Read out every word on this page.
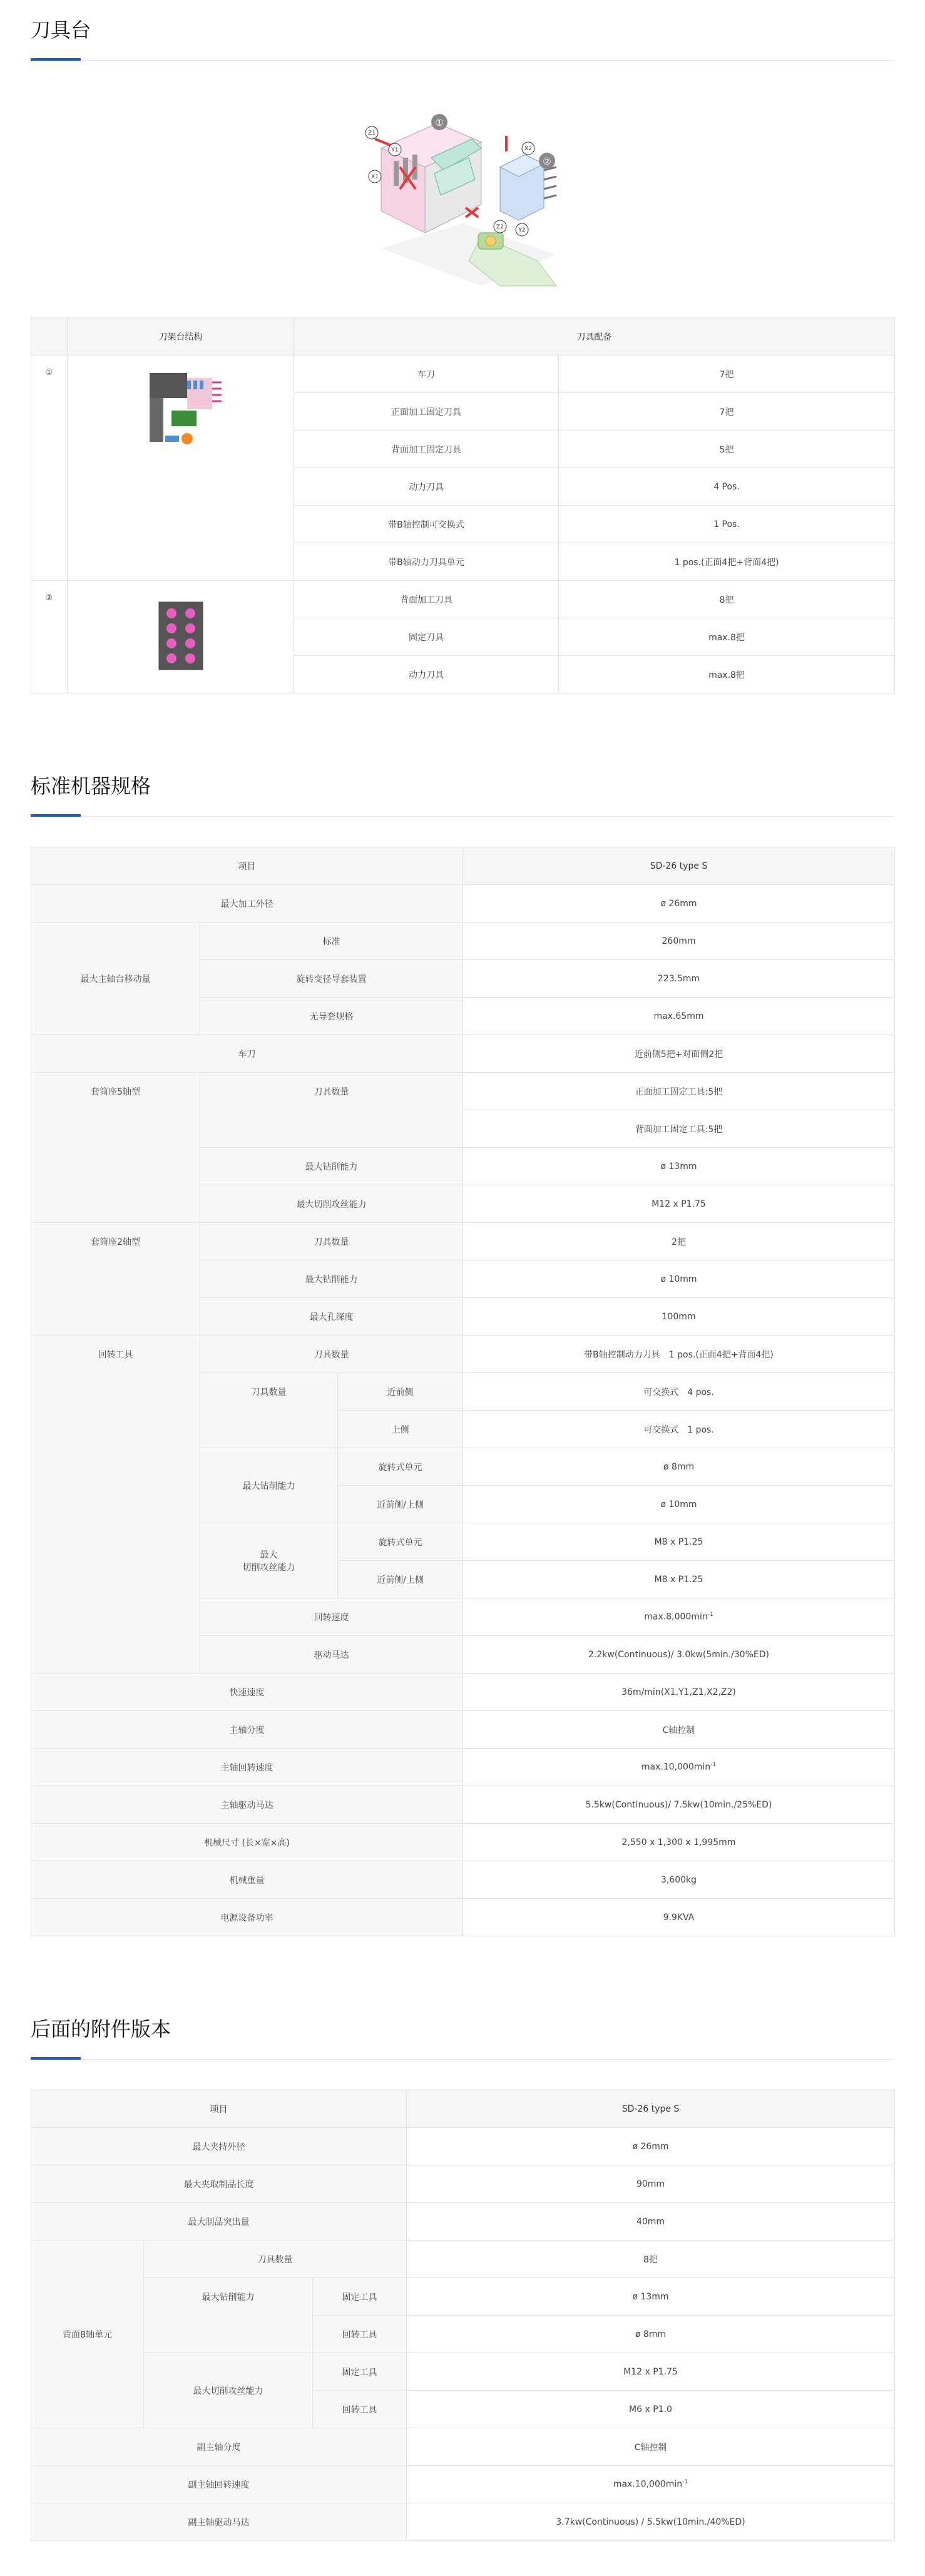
刀具台
①
②
Z1
Y1
X1
X2
Y2
Z2
	刀架台结构	刀具配备	
①		车刀	7把
		正面加工固定刀具	7把
		背面加工固定刀具	5把
		动力刀具	4 Pos.
		带B轴控制可交换式	1 Pos.
		带B轴动力刀具单元	1 pos.(正面4把+背面4把)
②		背面加工刀具	8把
		固定刀具	max.8把
		动力刀具	max.8把
标准机器规格
项目			SD-26 type S
最大加工外径			ø 26mm
最大主轴台移动量	标准		260mm
	旋转变径导套装置		223.5mm
	无导套规格		max.65mm
车刀			近前侧5把+对面侧2把
套筒座5轴型	刀具数量		正面加工固定工具:5把
			背面加工固定工具:5把
	最大钻削能力		ø 13mm
	最大切削攻丝能力		M12 x P1.75
套筒座2轴型	刀具数量		2把
	最大钻削能力		ø 10mm
	最大孔深度		100mm
回转工具	刀具数量		带B轴控制动力刀具　1 pos.(正面4把+背面4把)
	刀具数量	近前侧	可交换式　4 pos.
		上侧	可交换式　1 pos.
	最大钻削能力	旋转式单元	ø 8mm
		近前侧/上侧	ø 10mm
	最大
切削攻丝能力	旋转式单元	M8 x P1.25
		近前侧/上侧	M8 x P1.25
	回转速度		$\max.8,000\min^{-1}$
	驱动马达		2.2kw(Continuous)/ 3.0kw(5min./30%ED)
快速速度			36m/min(X1,Y1,Z1,X2,Z2)
主轴分度			C轴控制
主轴回转速度			$\max.10,000\min^{-1}$
主轴驱动马达			5.5kw(Continuous)/ 7.5kw(10min./25%ED)
机械尺寸 (长×宽×高)			2,550 x 1,300 x 1,995mm
机械重量			3,600kg
电源设备功率			9.9KVA
后面的附件版本
项目			SD-26 type S
最大夹持外径			ø 26mm
最大夹取制品长度			90mm
最大制品突出量			40mm
背面8轴单元	刀具数量		8把
	最大钻削能力	固定工具	ø 13mm
		回转工具	ø 8mm
	最大切削攻丝能力	固定工具	M12 x P1.75
		回转工具	M6 x P1.0
副主轴分度			C轴控制
副主轴回转速度			$\max.10,000\min^{-1}$
副主轴驱动马达			3.7kw(Continuous) / 5.5kw(10min./40%ED)
